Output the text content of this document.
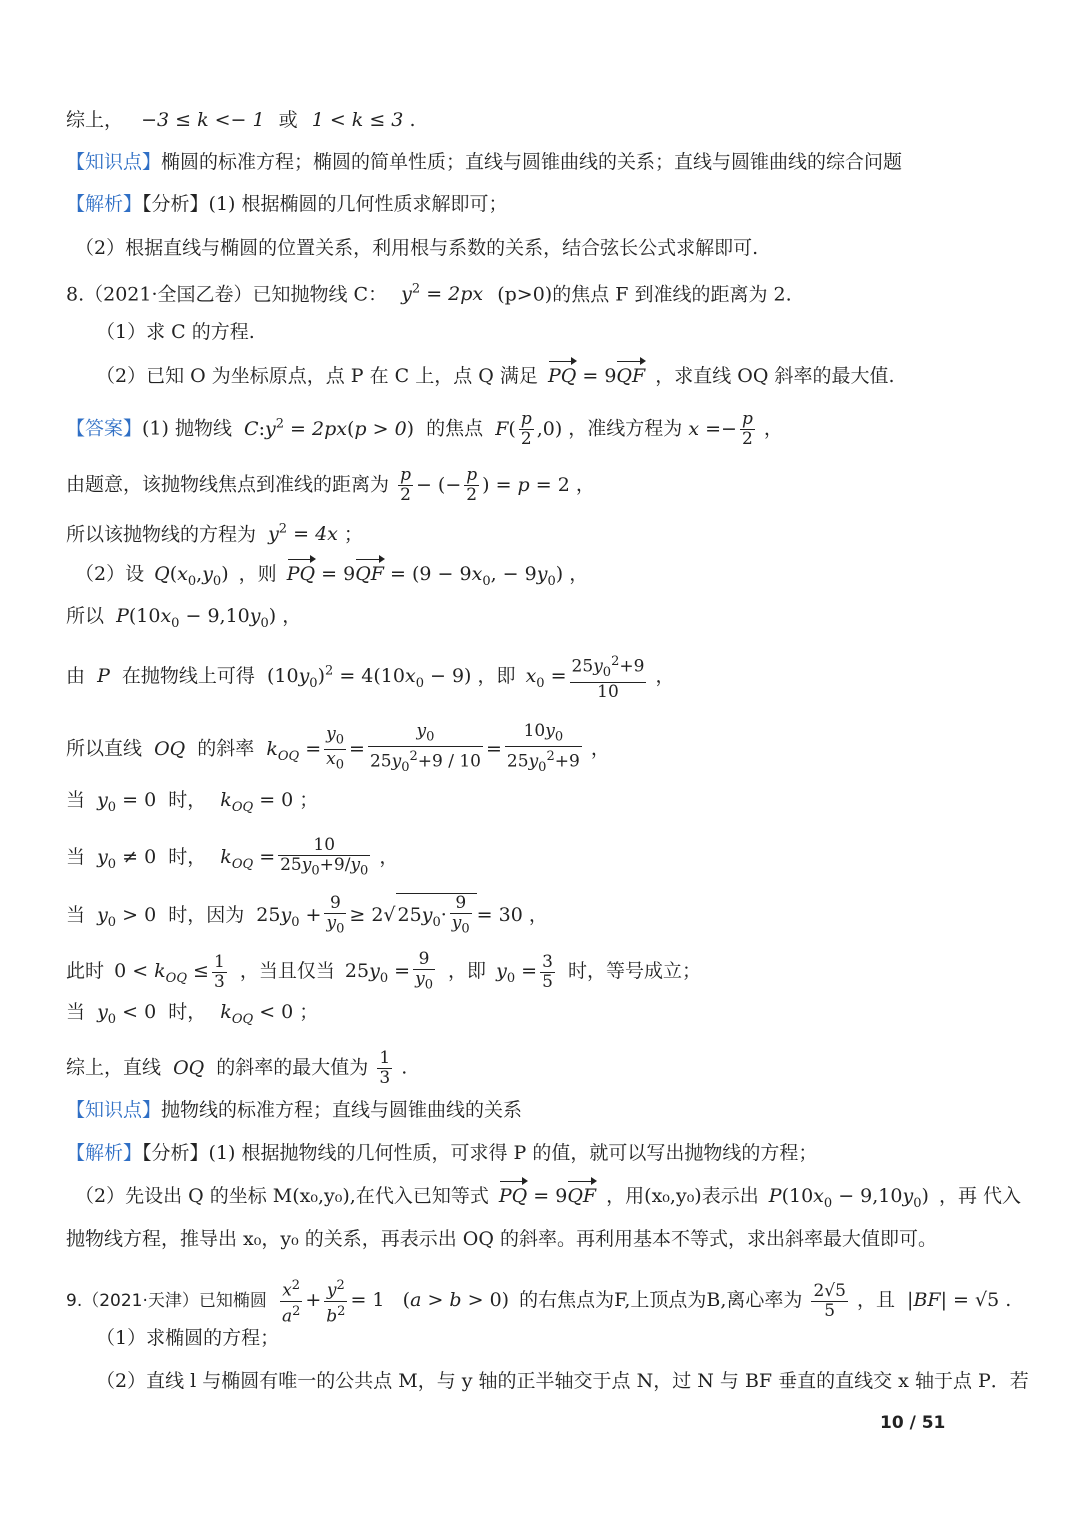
综上， −3 ≤ k <− 1 或 1 < k ≤ 3 .
【知识点】椭圆的标准方程；椭圆的简单性质；直线与圆锥曲线的关系；直线与圆锥曲线的综合问题
【解析】【分析】(1) 根据椭圆的几何性质求解即可；
（2）根据直线与椭圆的位置关系，利用根与系数的关系，结合弦长公式求解即可.
8.（2021·全国乙卷）已知抛物线 C： $y^2 = 2px$ (p>0)的焦点 F 到准线的距离为 2.
（1）求 C 的方程.
（2）已知 O 为坐标原点，点 P 在 C 上，点 Q 满足 PQ = 9QF ，求直线 OQ 斜率的最大值.
【答案】(1) 抛物线 $C:y^2 = 2px(p > 0)$ 的焦点 $F( \frac{p}{2} ,0)$ ，准线方程为 $x =- \frac{p}{2}$ ，
由题意，该抛物线焦点到准线的距离为 $\frac{p}{2}$ − (− $\frac{p}{2}$ ) = p = 2 ，
所以该抛物线的方程为 $y^2 = 4x$ ；
（2）设 $Q(x_0,y_0)$ ，则 PQ = $9QF = (9 - 9x_0$, − $9y_0$) ，
所以 $P(10x_0 - 9,10y_0)$ ，
由 P 在抛物线上可得 $(10y_0)^2 = 4(10x_0 - 9)$ ，即 $x_0 = \frac{25y_0^2+9}{10}$ ，
所以直线 OQ 的斜率 $k_{OQ} = \frac{y_0}{x_0} = \frac{y_0}{25y_0^2+9 / 10} = \frac{10y_0}{25y_0^2+9}$ ，
当 $y_0 = 0$ 时， $k_{OQ} = 0$ ；
当 $y_0 \ne 0$ 时， $k_{OQ} = \frac{10}{25y_0+9/y_0}$ ，
当 $y_0 > 0$ 时，因为 $25y_0 + \frac{9}{y_0} \ge 2√$ $25y_0\cdot \frac{9}{y_0} = 30$ ，
此时 $0 < k_{OQ} \le \frac{1}{3}$ ，当且仅当 $25y_0 = \frac{9}{y_0}$ ，即 $y_0 = \frac{3}{5}$ 时，等号成立；
当 $y_0 < 0$ 时， $k_{OQ} < 0$ ；
综上，直线 OQ 的斜率的最大值为 $\frac{1}{3}$ .
【知识点】抛物线的标准方程；直线与圆锥曲线的关系
【解析】【分析】(1) 根据抛物线的几何性质，可求得 P 的值，就可以写出抛物线的方程；
（2）先设出 Q 的坐标 M(x₀,y₀),在代入已知等式 PQ = 9QF ，用(x₀,y₀)表示出 $P(10x_0 - 9,10y_0)$ ，再 代入
抛物线方程，推导出 x₀，y₀ 的关系，再表示出 OQ 的斜率。再利用基本不等式，求出斜率最大值即可。
9.（2021·天津）已知椭圆 $\frac{x^2}{a^2} + \frac{y^2}{b^2} = 1$ (a > b > 0) 的右焦点为F,上顶点为B,离心率为 $\frac{2√5}{5}$ ，且 |BF| = √5 .
（1）求椭圆的方程；
（2）直线 l 与椭圆有唯一的公共点 M，与 y 轴的正半轴交于点 N，过 N 与 BF 垂直的直线交 x 轴于点 P．若
10 / 51
